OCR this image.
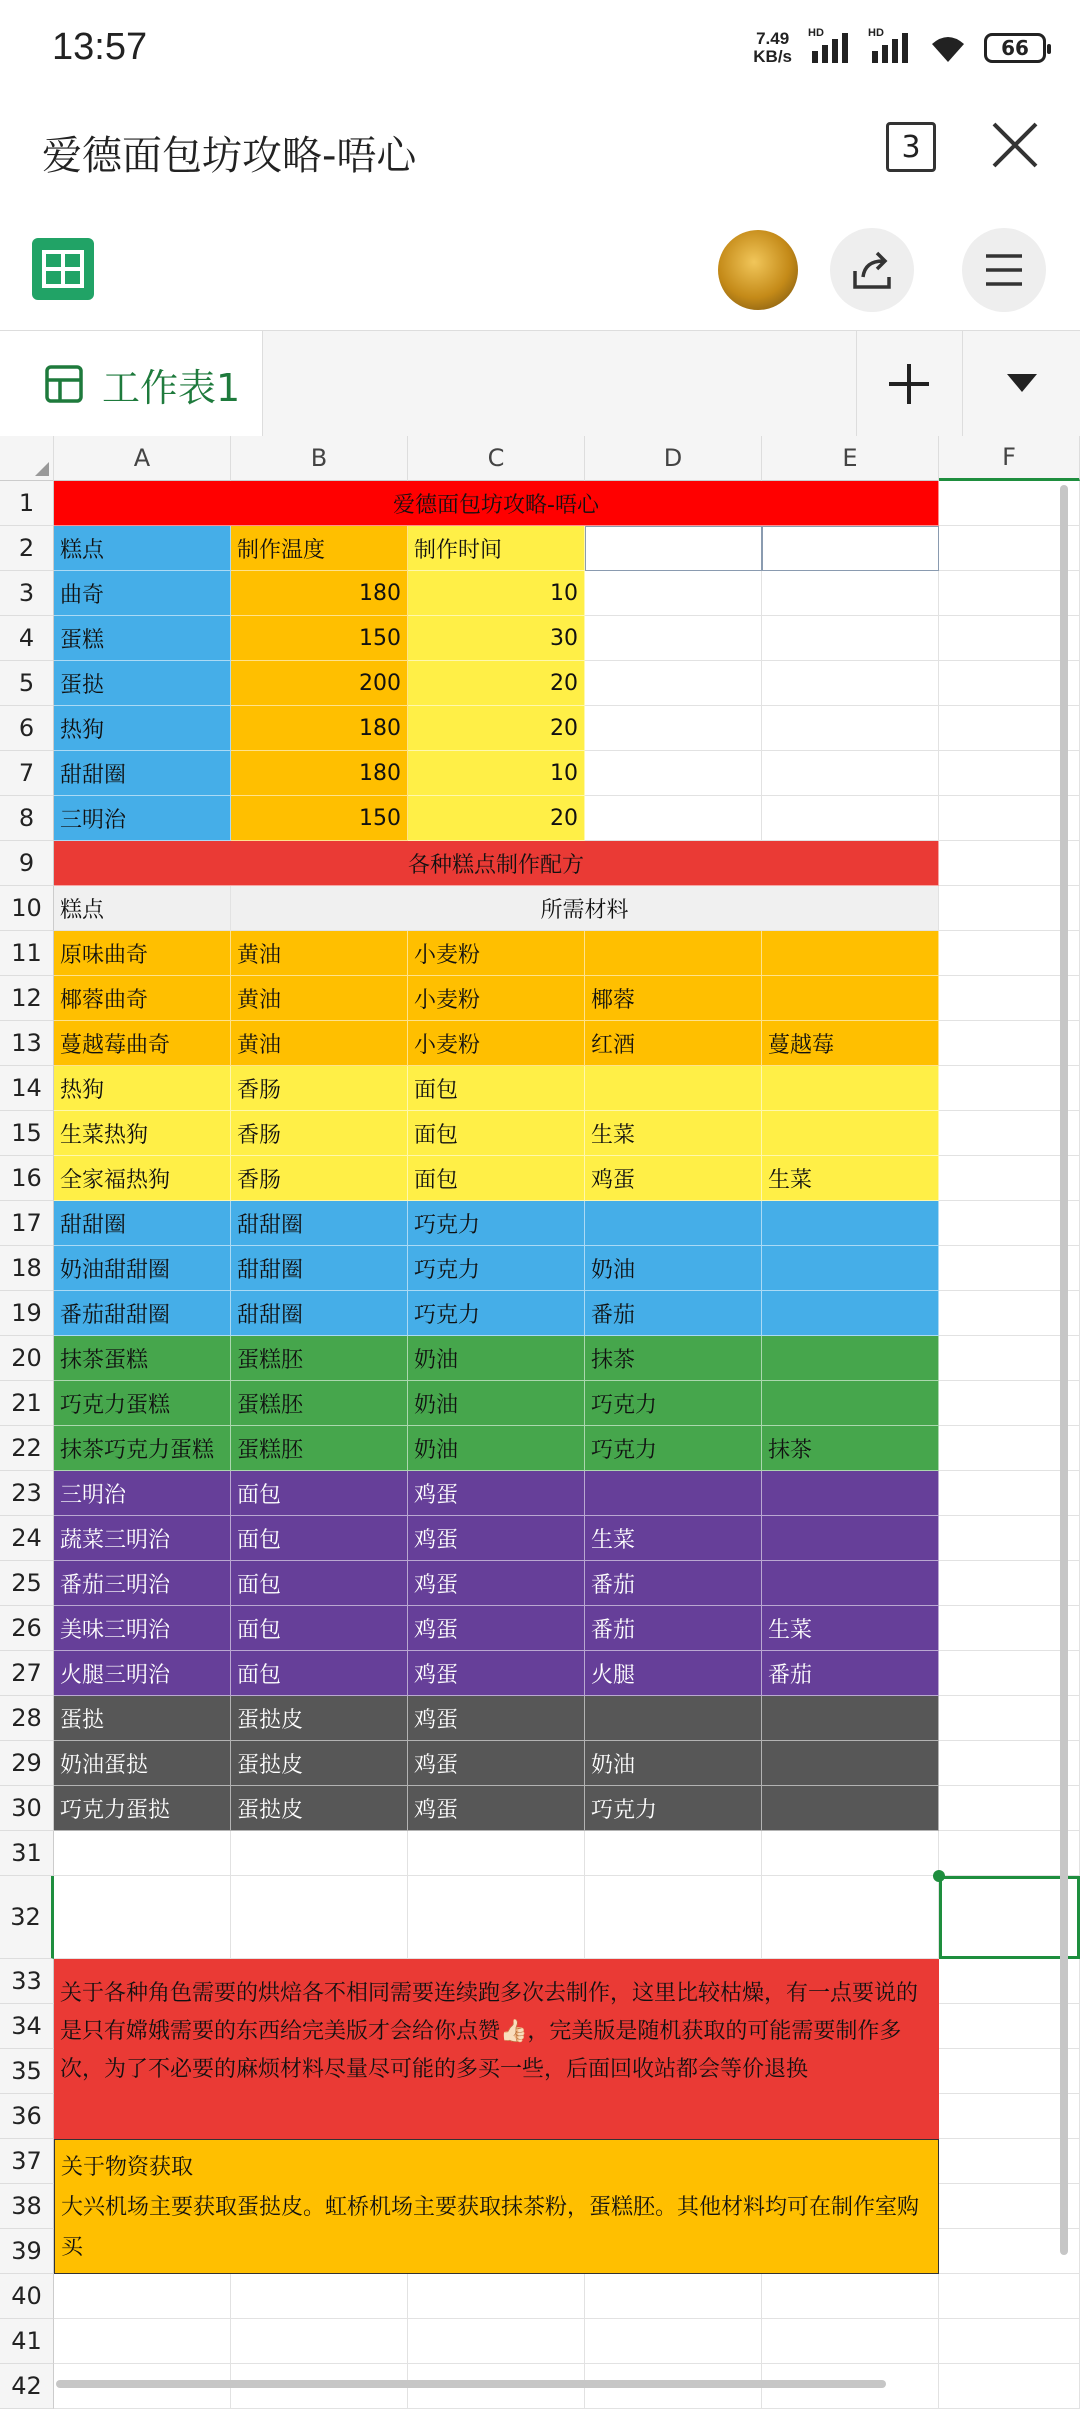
13:57	7.49
KB/s
HD	HD
66
爱德面包坊攻略-唔心	3
工作表1
A	B	C	D	E	F
1
2
3
4
5
6
7
8
9
10
11
12
13
14
15
16
17
18
19
20
21
22
23
24
25
26
27
28
29
30
31
32
33
34
35
36
37
38
39
40
41
42
爱德面包坊攻略-唔心
糕点	制作温度	制作时间
曲奇	180	10
蛋糕	150	30
蛋挞	200	20
热狗	180	20
甜甜圈	180	10
三明治	150	20
各种糕点制作配方
糕点	所需材料
原味曲奇	黄油	小麦粉
椰蓉曲奇	黄油	小麦粉	椰蓉
蔓越莓曲奇	黄油	小麦粉	红酒	蔓越莓
热狗	香肠	面包
生菜热狗	香肠	面包	生菜
全家福热狗	香肠	面包	鸡蛋	生菜
甜甜圈	甜甜圈	巧克力
奶油甜甜圈	甜甜圈	巧克力	奶油
番茄甜甜圈	甜甜圈	巧克力	番茄
抹茶蛋糕	蛋糕胚	奶油	抹茶
巧克力蛋糕	蛋糕胚	奶油	巧克力
抹茶巧克力蛋糕	蛋糕胚	奶油	巧克力	抹茶
三明治	面包	鸡蛋
蔬菜三明治	面包	鸡蛋	生菜
番茄三明治	面包	鸡蛋	番茄
美味三明治	面包	鸡蛋	番茄	生菜
火腿三明治	面包	鸡蛋	火腿	番茄
蛋挞	蛋挞皮	鸡蛋
奶油蛋挞	蛋挞皮	鸡蛋	奶油
巧克力蛋挞	蛋挞皮	鸡蛋	巧克力
关于各种角色需要的烘焙各不相同需要连续跑多次去制作，这里比较枯燥，有一点要说的是只有嫦娥需要的东西给完美版才会给你点赞👍🏻，完美版是随机获取的可能需要制作多次，为了不必要的麻烦材料尽量尽可能的多买一些，后面回收站都会等价退换
关于物资获取
大兴机场主要获取蛋挞皮。虹桥机场主要获取抹茶粉，蛋糕胚。其他材料均可在制作室购买
